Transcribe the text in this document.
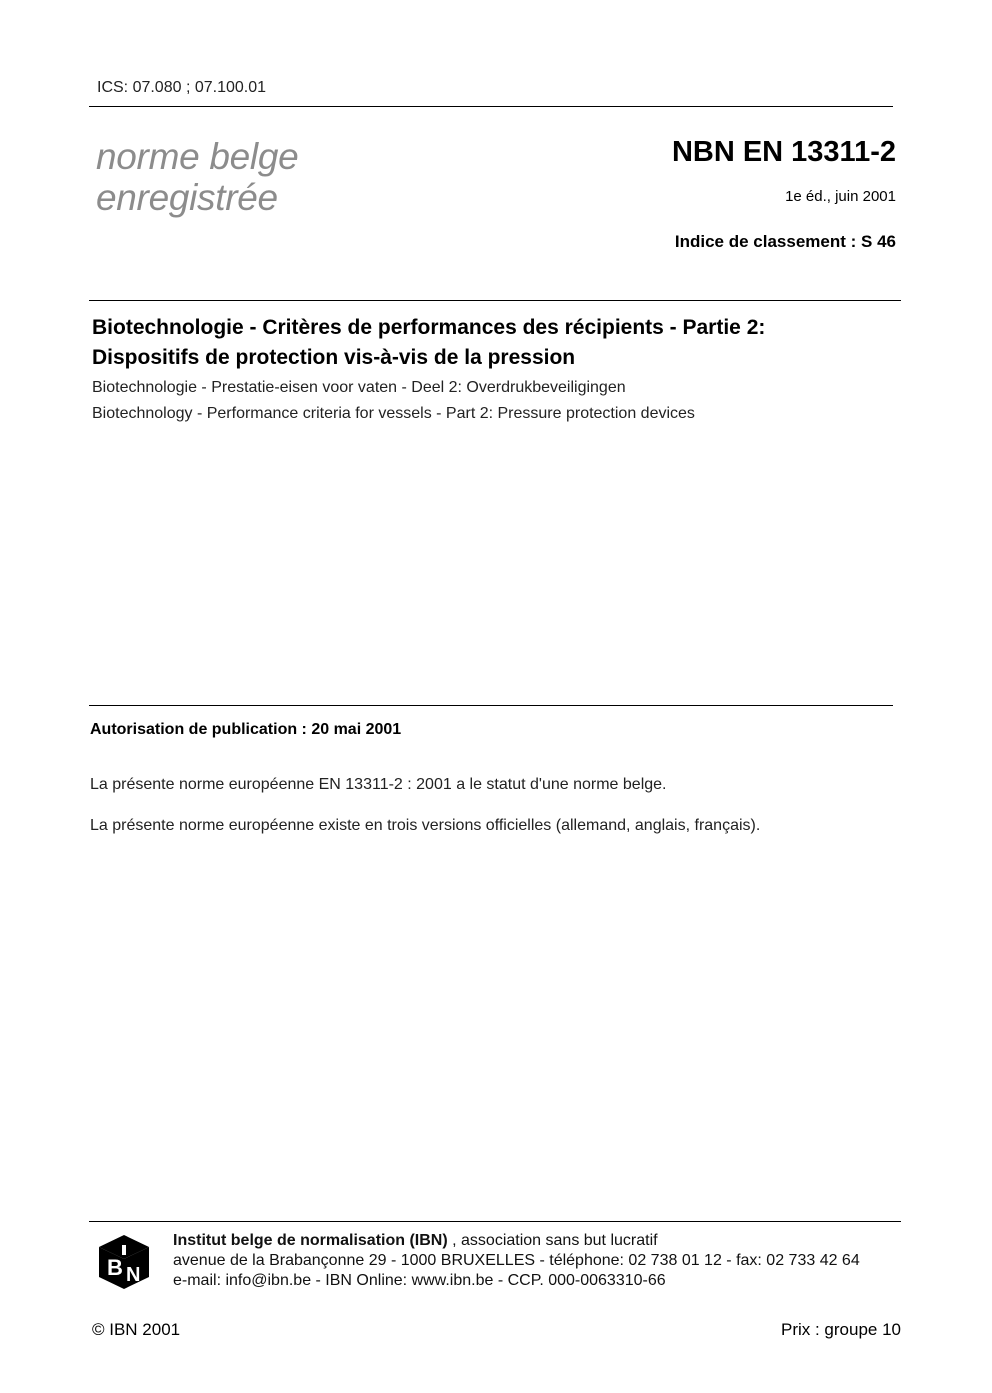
ICS: 07.080 ; 07.100.01
norme belge
enregistrée
NBN EN 13311-2
1e éd., juin 2001
Indice de classement : S 46
Biotechnologie - Critères de performances des récipients - Partie 2:
Dispositifs de protection vis-à-vis de la pression
Biotechnologie - Prestatie-eisen voor vaten - Deel 2: Overdrukbeveiligingen
Biotechnology - Performance criteria for vessels - Part 2: Pressure protection devices
Autorisation de publication : 20 mai 2001
La présente norme européenne EN 13311-2 : 2001 a le statut d'une norme belge.
La présente norme européenne existe en trois versions officielles (allemand, anglais, français).
B N
Institut belge de normalisation (IBN) , association sans but lucratif
avenue de la Brabançonne 29 - 1000 BRUXELLES - téléphone: 02 738 01 12 - fax: 02 733 42 64
e-mail: info@ibn.be - IBN Online: www.ibn.be - CCP. 000-0063310-66
© IBN 2001	Prix : groupe 10
